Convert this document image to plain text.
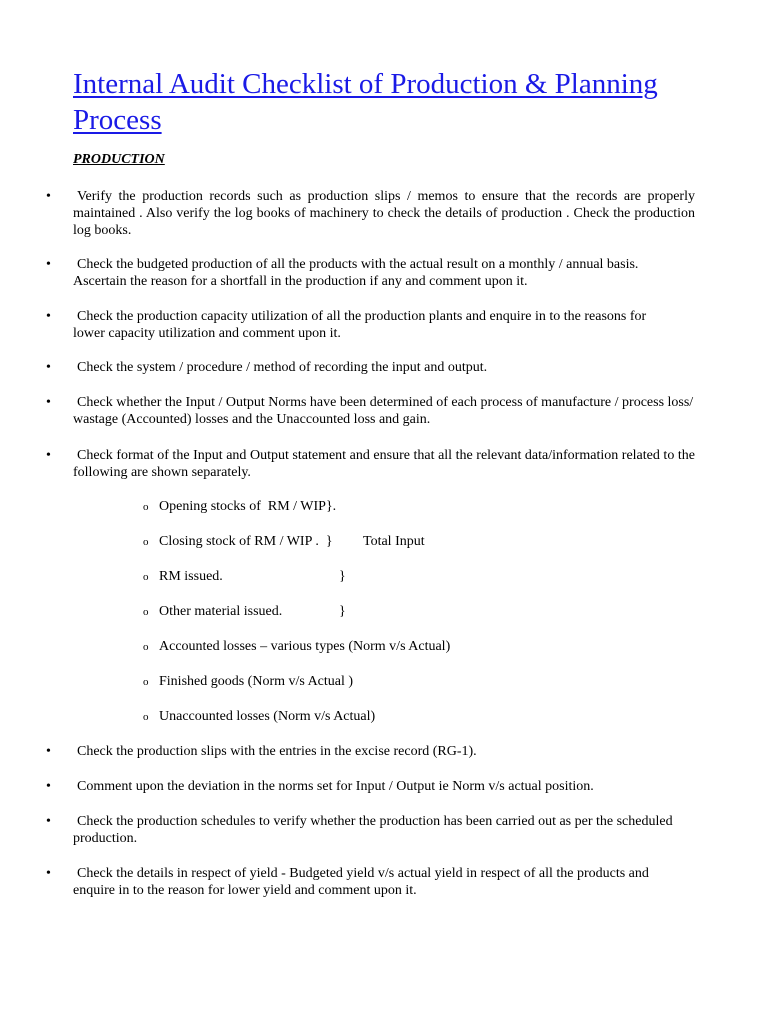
Internal Audit Checklist of Production & Planning Process
PRODUCTION
• Verify the production records such as production slips / memos to ensure that the records are properly maintained . Also verify the log books of machinery to check the details of production . Check the production log books.
• Check the budgeted production of all the products with the actual result on a monthly / annual basis. Ascertain the reason for a shortfall in the production if any and comment upon it.
• Check the production capacity utilization of all the production plants and enquire in to the reasons for lower capacity utilization and comment upon it.
• Check the system / procedure / method of recording the input and output.
• Check whether the Input / Output Norms have been determined of each process of manufacture / process loss/ wastage (Accounted) losses and the Unaccounted loss and gain.
• Check format of the Input and Output statement and ensure that all the relevant data/information related to the following are shown separately.
o Opening stocks of  RM / WIP}.
o Closing stock of RM / WIP .  } Total Input
o RM issued.	}
o Other material issued.	}
o Accounted losses – various types (Norm v/s Actual)
o Finished goods (Norm v/s Actual )
o Unaccounted losses (Norm v/s Actual)
• Check the production slips with the entries in the excise record (RG-1).
• Comment upon the deviation in the norms set for Input / Output ie Norm v/s actual position.
• Check the production schedules to verify whether the production has been carried out as per the scheduled production.
• Check the details in respect of yield - Budgeted yield v/s actual yield in respect of all the products and enquire in to the reason for lower yield and comment upon it.
